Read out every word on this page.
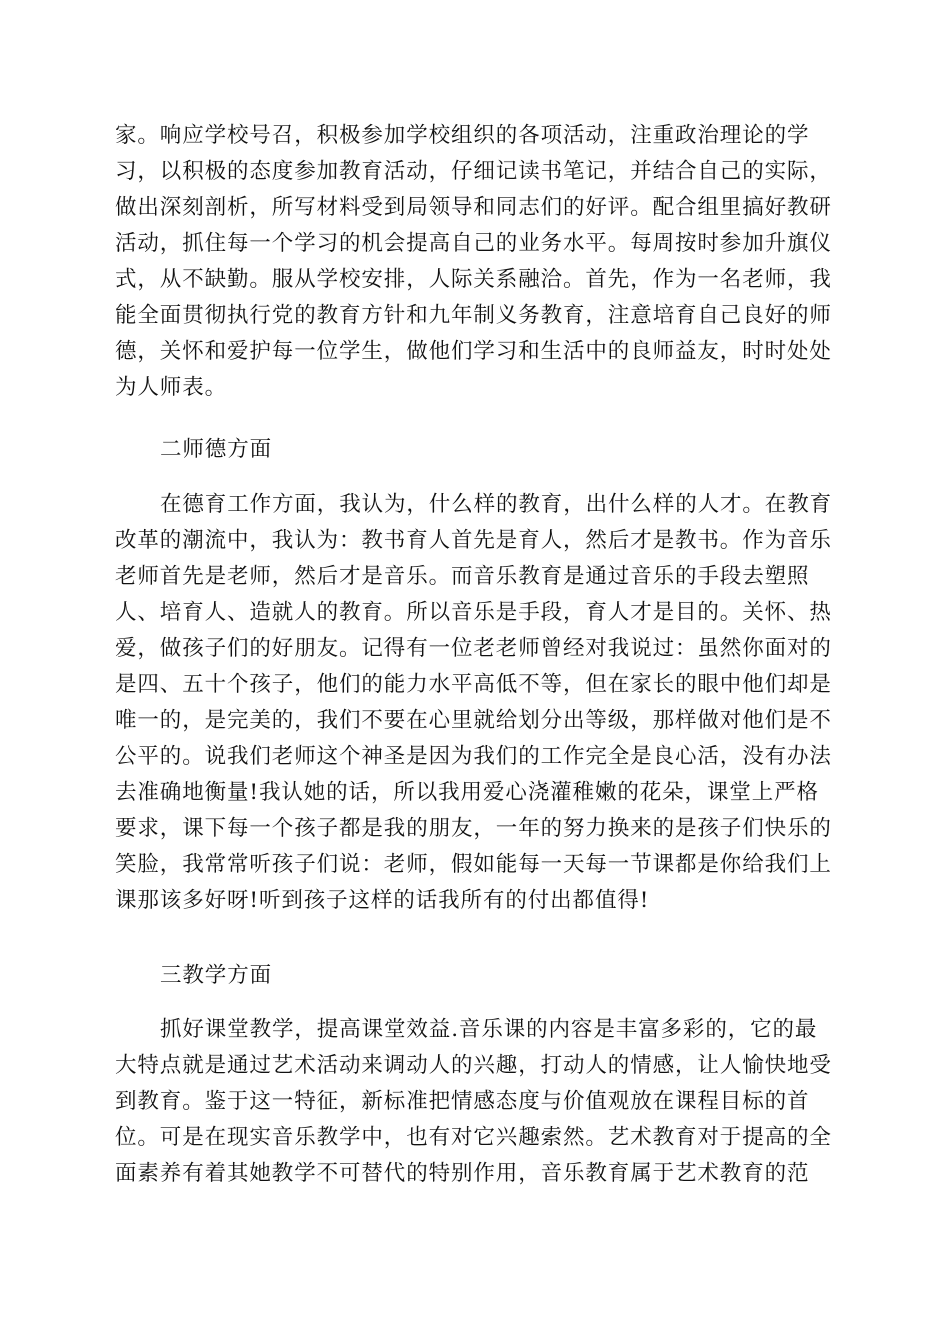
家。响应学校号召，积极参加学校组织的各项活动，注重政治理论的学
习，以积极的态度参加教育活动，仔细记读书笔记，并结合自己的实际，
做出深刻剖析，所写材料受到局领导和同志们的好评。配合组里搞好教研
活动，抓住每一个学习的机会提高自己的业务水平。每周按时参加升旗仪
式，从不缺勤。服从学校安排，人际关系融洽。首先，作为一名老师，我
能全面贯彻执行党的教育方针和九年制义务教育，注意培育自己良好的师
德，关怀和爱护每一位学生，做他们学习和生活中的良师益友，时时处处
为人师表。
二师德方面
在德育工作方面，我认为，什么样的教育，出什么样的人才。在教育
改革的潮流中，我认为：教书育人首先是育人，然后才是教书。作为音乐
老师首先是老师，然后才是音乐。而音乐教育是通过音乐的手段去塑照
人、培育人、造就人的教育。所以音乐是手段，育人才是目的。关怀、热
爱，做孩子们的好朋友。记得有一位老老师曾经对我说过：虽然你面对的
是四、五十个孩子，他们的能力水平高低不等，但在家长的眼中他们却是
唯一的，是完美的，我们不要在心里就给划分出等级，那样做对他们是不
公平的。说我们老师这个神圣是因为我们的工作完全是良心活，没有办法
去准确地衡量!我认她的话，所以我用爱心浇灌稚嫩的花朵，课堂上严格
要求，课下每一个孩子都是我的朋友，一年的努力换来的是孩子们快乐的
笑脸，我常常听孩子们说：老师，假如能每一天每一节课都是你给我们上
课那该多好呀!听到孩子这样的话我所有的付出都值得!
三教学方面
抓好课堂教学，提高课堂效益.音乐课的内容是丰富多彩的，它的最
大特点就是通过艺术活动来调动人的兴趣，打动人的情感，让人愉快地受
到教育。鉴于这一特征，新标准把情感态度与价值观放在课程目标的首
位。可是在现实音乐教学中，也有对它兴趣索然。艺术教育对于提高的全
面素养有着其她教学不可替代的特别作用，音乐教育属于艺术教育的范
